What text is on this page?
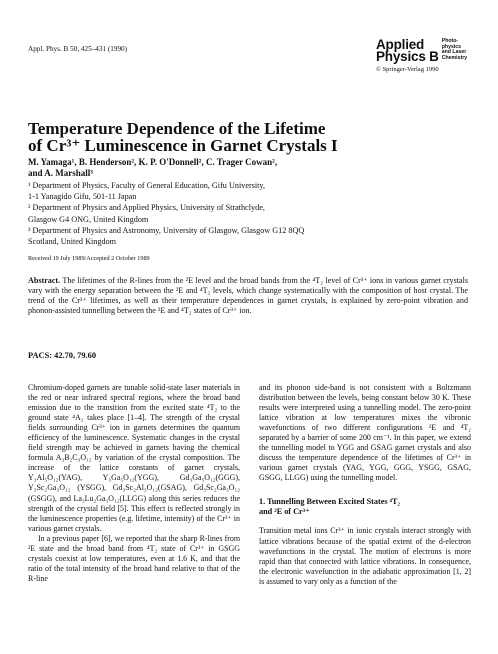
Appl. Phys. B 50, 425–431 (1990)	Applied
Physics B
Photo-
physics
and Laser
Chemistry
© Springer-Verlag 1990
Temperature Dependence of the Lifetime
of Cr³⁺ Luminescence in Garnet Crystals I
M. Yamaga¹, B. Henderson², K. P. O'Donnell², C. Trager Cowan²,
and A. Marshall³

¹ Department of Physics, Faculty of General Education, Gifu University,

1-1 Yanagido Gifu, 501-11 Japan

² Department of Physics and Applied Physics, University of Strathclyde,

Glasgow G4 ONG, United Kingdom

³ Department of Physics and Astronomy, University of Glasgow, Glasgow G12 8QQ

Scotland, United Kingdom

Received 19 July 1989/Accepted 2 October 1989
Abstract. The lifetimes of the R-lines from the ²E level and the broad bands from the ⁴T₂ level of Cr³⁺ ions in various garnet crystals vary with the energy separation between the ²E and ⁴T₂ levels, which change systematically with the composition of host crystal. The trend of the Cr³⁺ lifetimes, as well as their temperature dependences in garnet crystals, is explained by zero-point vibration and phonon-assisted tunnelling between the ²E and ⁴T₂ states of Cr³⁺ ion.
PACS: 42.70, 79.60

Chromium-doped garnets are tunable solid-state laser materials in the red or near infrared spectral regions, where the broad band emission due to the transition from the excited state ⁴T₂ to the ground state ⁴A₂ takes place [1–4]. The strength of the crystal fields surrounding Cr³⁺ ion in garnets determines the quantum efficiency of the luminescence. Systematic changes in the crystal field strength may be achieved in garnets having the chemical formula A₃B₂C₃O₁₂ by variation of the crystal composition. The increase of the lattice constants of garnet crystals, Y₃Al₅O₁₂(YAG), Y₃Ga₅O₁₂(YGG), Gd₃Ga₅O₁₂(GGG), Y₃Sc₂Ga₃O₁₂ (YSGG), Gd₃Sc₂Al₃O₁₂(GSAG), Gd₃Sc₂Ga₃O₁₂ (GSGG), and La₃Lu₂Ga₃O₁₂(LLGG) along this series reduces the strength of the crystal field [5]. This effect is reflected strongly in the luminescence properties (e.g. lifetime, intensity) of the Cr³⁺ in various garnet crystals.

In a previous paper [6], we reported that the sharp R-lines from ²E state and the broad band from ⁴T₂ state of Cr³⁺ in GSGG crystals coexist at low temperatures, even at 1.6 K, and that the ratio of the total intensity of the broad band relative to that of the R-line

and its phonon side-band is not consistent with a Boltzmann distribution between the levels, being constant below 30 K. These results were interpreted using a tunnelling model. The zero-point lattice vibration at low temperatures mixes the vibronic wavefunctions of two different configurations ²E and ⁴T₂ separated by a barrier of some 200 cm⁻¹. In this paper, we extend the tunnelling model to YGG and GSAG garnet crystals and also discuss the temperature dependence of the lifetimes of Cr³⁺ in various garnet crystals (YAG, YGG, GGG, YSGG, GSAG, GSGG, LLGG) using the tunnelling model.

1. Tunnelling Between Excited States ⁴T₂
and ²E of Cr³⁺

Transition metal ions Cr³⁺ in ionic crystals interact strongly with lattice vibrations because of the spatial extent of the d-electron wavefunctions in the crystal. The motion of electrons is more rapid than that connected with lattice vibrations. In consequence, the electronic wavefunction in the adiabatic approximation [1, 2] is assumed to vary only as a function of the
